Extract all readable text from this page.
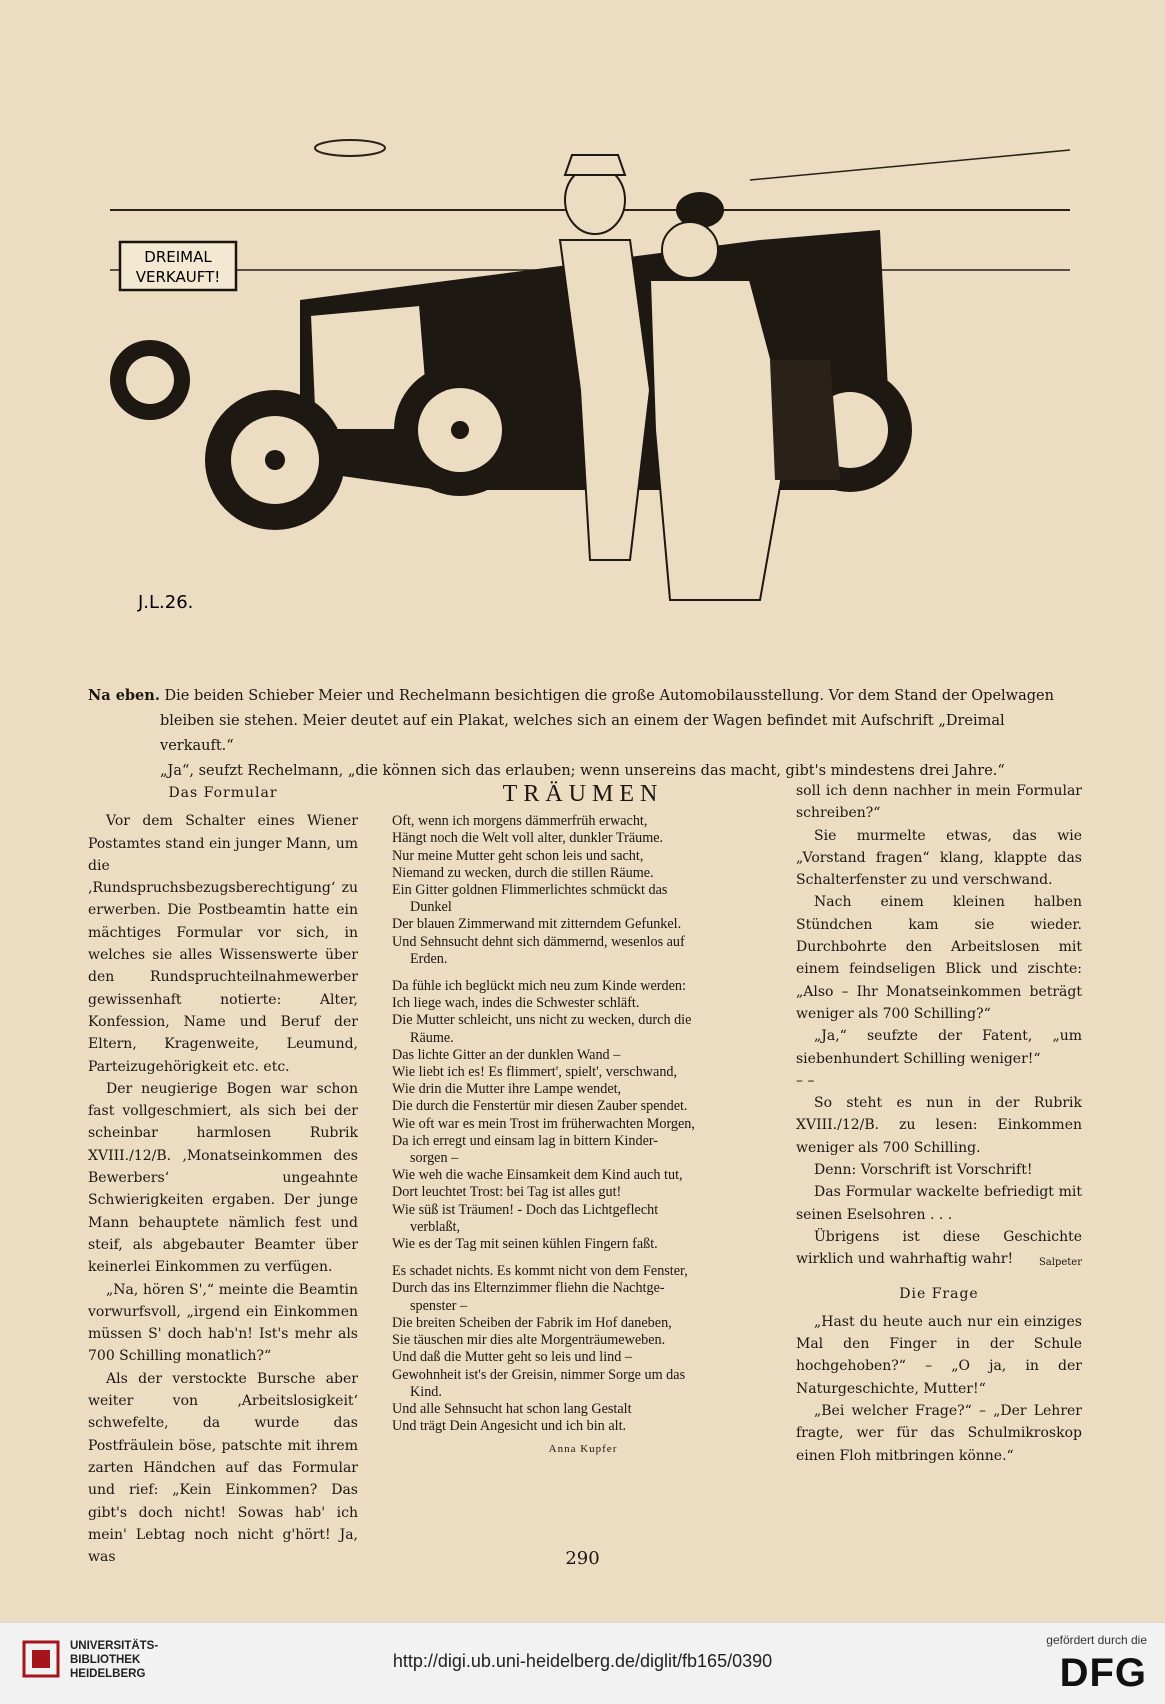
DREIMAL
VERKAUFT!
J.L.26.
Na eben. Die beiden Schieber Meier und Rechelmann besichtigen die große Automobilausstellung. Vor dem Stand der Opelwagen
bleiben sie stehen. Meier deutet auf ein Plakat, welches sich an einem der Wagen befindet mit Aufschrift „Dreimal verkauft.“
„Ja“, seufzt Rechelmann, „die können sich das erlauben; wenn unsereins das macht, gibt's mindestens drei Jahre.“

Das Formular

Vor dem Schalter eines Wiener Postamtes stand ein junger Mann, um die ‚Rundspruchsbezugsberechtigung‘ zu erwerben. Die Postbeamtin hatte ein mächtiges Formular vor sich, in welches sie alles Wissenswerte über den Rundspruchteilnahmewerber gewissenhaft notierte: Alter, Konfession, Name und Beruf der Eltern, Kragenweite, Leumund, Parteizugehörigkeit etc. etc.

Der neugierige Bogen war schon fast vollgeschmiert, als sich bei der scheinbar harmlosen Rubrik XVIII./12/B. ‚Monatseinkommen des Bewerbers‘ ungeahnte Schwierigkeiten ergaben. Der junge Mann behauptete nämlich fest und steif, als abgebauter Beamter über keinerlei Einkommen zu verfügen.

„Na, hören S',“ meinte die Beamtin vorwurfsvoll, „irgend ein Einkommen müssen S' doch hab'n! Ist's mehr als 700 Schilling monatlich?“

Als der verstockte Bursche aber weiter von ‚Arbeitslosigkeit‘ schwefelte, da wurde das Postfräulein böse, patschte mit ihrem zarten Händchen auf das Formular und rief: „Kein Einkommen? Das gibt's doch nicht! Sowas hab' ich mein' Lebtag noch nicht g'hört! Ja, was

TRÄUMEN
Oft, wenn ich morgens dämmerfrüh erwacht,
Hängt noch die Welt voll alter, dunkler Träume.
Nur meine Mutter geht schon leis und sacht,
Niemand zu wecken, durch die stillen Räume.
Ein Gitter goldnen Flimmerlichtes schmückt das
Dunkel
Der blauen Zimmerwand mit zitterndem Gefunkel.
Und Sehnsucht dehnt sich dämmernd, wesenlos auf
Erden.
Da fühle ich beglückt mich neu zum Kinde werden:
Ich liege wach, indes die Schwester schläft.
Die Mutter schleicht, uns nicht zu wecken, durch die
Räume.
Das lichte Gitter an der dunklen Wand –
Wie liebt ich es! Es flimmert', spielt', verschwand,
Wie drin die Mutter ihre Lampe wendet,
Die durch die Fenstertür mir diesen Zauber spendet.
Wie oft war es mein Trost im früherwachten Morgen,
Da ich erregt und einsam lag in bittern Kinder-
sorgen –
Wie weh die wache Einsamkeit dem Kind auch tut,
Dort leuchtet Trost: bei Tag ist alles gut!
Wie süß ist Träumen! - Doch das Lichtgeflecht
verblaßt,
Wie es der Tag mit seinen kühlen Fingern faßt.
Es schadet nichts. Es kommt nicht von dem Fenster,
Durch das ins Elternzimmer fliehn die Nachtge-
spenster –
Die breiten Scheiben der Fabrik im Hof daneben,
Sie täuschen mir dies alte Morgenträumeweben.
Und daß die Mutter geht so leis und lind –
Gewohnheit ist's der Greisin, nimmer Sorge um das
Kind.
Und alle Sehnsucht hat schon lang Gestalt
Und trägt Dein Angesicht und ich bin alt.
Anna Kupfer

soll ich denn nachher in mein Formular schreiben?“

Sie murmelte etwas, das wie „Vorstand fragen“ klang, klappte das Schalterfenster zu und verschwand.

Nach einem kleinen halben Stündchen kam sie wieder. Durchbohrte den Arbeitslosen mit einem feindseligen Blick und zischte: „Also – Ihr Monatseinkommen beträgt weniger als 700 Schilling?“

„Ja,“ seufzte der Fatent, „um siebenhundert Schilling weniger!“

– –

So steht es nun in der Rubrik XVIII./12/B. zu lesen: Einkommen weniger als 700 Schilling.

Denn: Vorschrift ist Vorschrift!

Das Formular wackelte befriedigt mit seinen Eselsohren . . .

Übrigens ist diese Geschichte wirklich und wahrhaftig wahr!	Salpeter

Die Frage

„Hast du heute auch nur ein einziges Mal den Finger in der Schule hochgehoben?“ – „O ja, in der Naturgeschichte, Mutter!“

„Bei welcher Frage?“ – „Der Lehrer fragte, wer für das Schulmikroskop einen Floh mitbringen könne.“

290
UNIVERSITÄTS-
BIBLIOTHEK
HEIDELBERG
http://digi.ub.uni-heidelberg.de/diglit/fb165/0390
gefördert durch die
DFG
